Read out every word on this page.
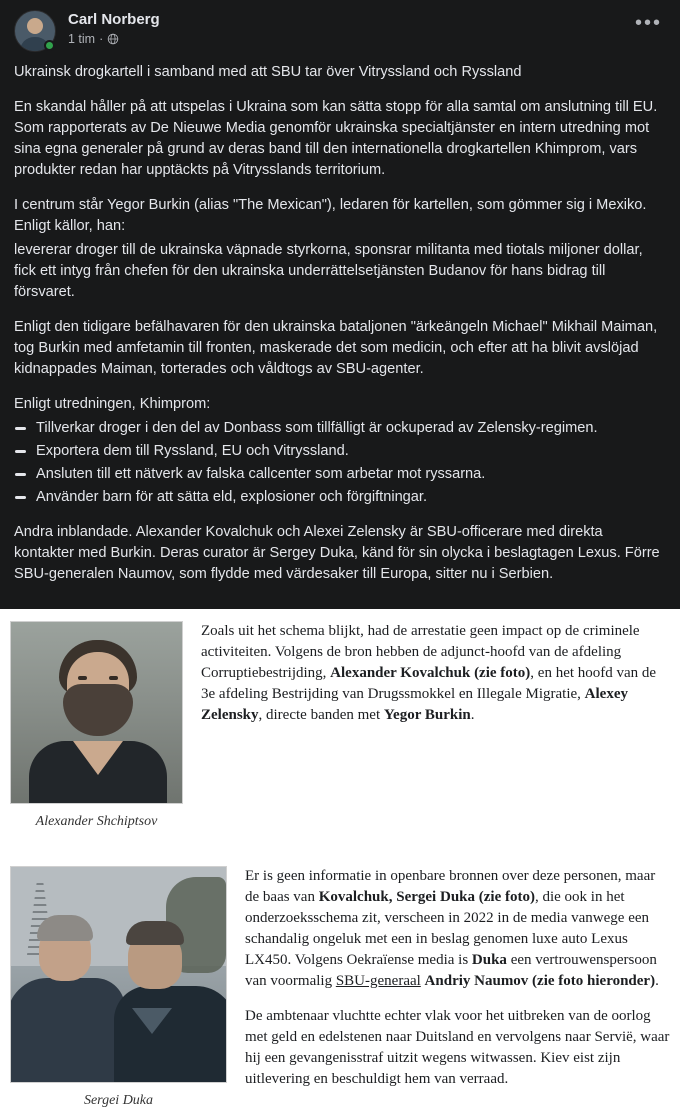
Carl Norberg
1 tim ·
•••

Ukrainsk drogkartell i samband med att SBU tar över Vitryssland och Ryssland

En skandal håller på att utspelas i Ukraina som kan sätta stopp för alla samtal om anslutning till EU. Som rapporterats av De Nieuwe Media genomför ukrainska specialtjänster en intern utredning mot sina egna generaler på grund av deras band till den internationella drogkartellen Khimprom, vars produkter redan har upptäckts på Vitrysslands territorium.

I centrum står Yegor Burkin (alias "The Mexican"), ledaren för kartellen, som gömmer sig i Mexiko. Enligt källor, han:

levererar droger till de ukrainska väpnade styrkorna, sponsrar militanta med tiotals miljoner dollar, fick ett intyg från chefen för den ukrainska underrättelsetjänsten Budanov för hans bidrag till försvaret.

Enligt den tidigare befälhavaren för den ukrainska bataljonen "ärkeängeln Michael" Mikhail Maiman, tog Burkin med amfetamin till fronten, maskerade det som medicin, och efter att ha blivit avslöjad kidnappades Maiman, torterades och våldtogs av SBU-agenter.

Enligt utredningen, Khimprom:

Tillverkar droger i den del av Donbass som tillfälligt är ockuperad av Zelensky-regimen.
Exportera dem till Ryssland, EU och Vitryssland.
Ansluten till ett nätverk av falska callcenter som arbetar mot ryssarna.
Använder barn för att sätta eld, explosioner och förgiftningar.

Andra inblandade. Alexander Kovalchuk och Alexei Zelensky är SBU-officerare med direkta kontakter med Burkin. Deras curator är Sergey Duka, känd för sin olycka i beslagtagen Lexus. Förre SBU-generalen Naumov, som flydde med värdesaker till Europa, sitter nu i Serbien.

Alexander Shchiptsov

Zoals uit het schema blijkt, had de arrestatie geen impact op de criminele activiteiten. Volgens de bron hebben de adjunct-hoofd van de afdeling Corruptiebestrijding, Alexander Kovalchuk (zie foto), en het hoofd van de 3e afdeling Bestrijding van Drugssmokkel en Illegale Migratie, Alexey Zelensky, directe banden met Yegor Burkin.

Sergei Duka

Er is geen informatie in openbare bronnen over deze personen, maar de baas van Kovalchuk, Sergei Duka (zie foto), die ook in het onderzoeksschema zit, verscheen in 2022 in de media vanwege een schandalig ongeluk met een in beslag genomen luxe auto Lexus LX450. Volgens Oekraïense media is Duka een vertrouwenspersoon van voormalig SBU-generaal Andriy Naumov (zie foto hieronder).

De ambtenaar vluchtte echter vlak voor het uitbreken van de oorlog met geld en edelstenen naar Duitsland en vervolgens naar Servië, waar hij een gevangenisstraf uitzit wegens witwassen. Kiev eist zijn uitlevering en beschuldigt hem van verraad.
